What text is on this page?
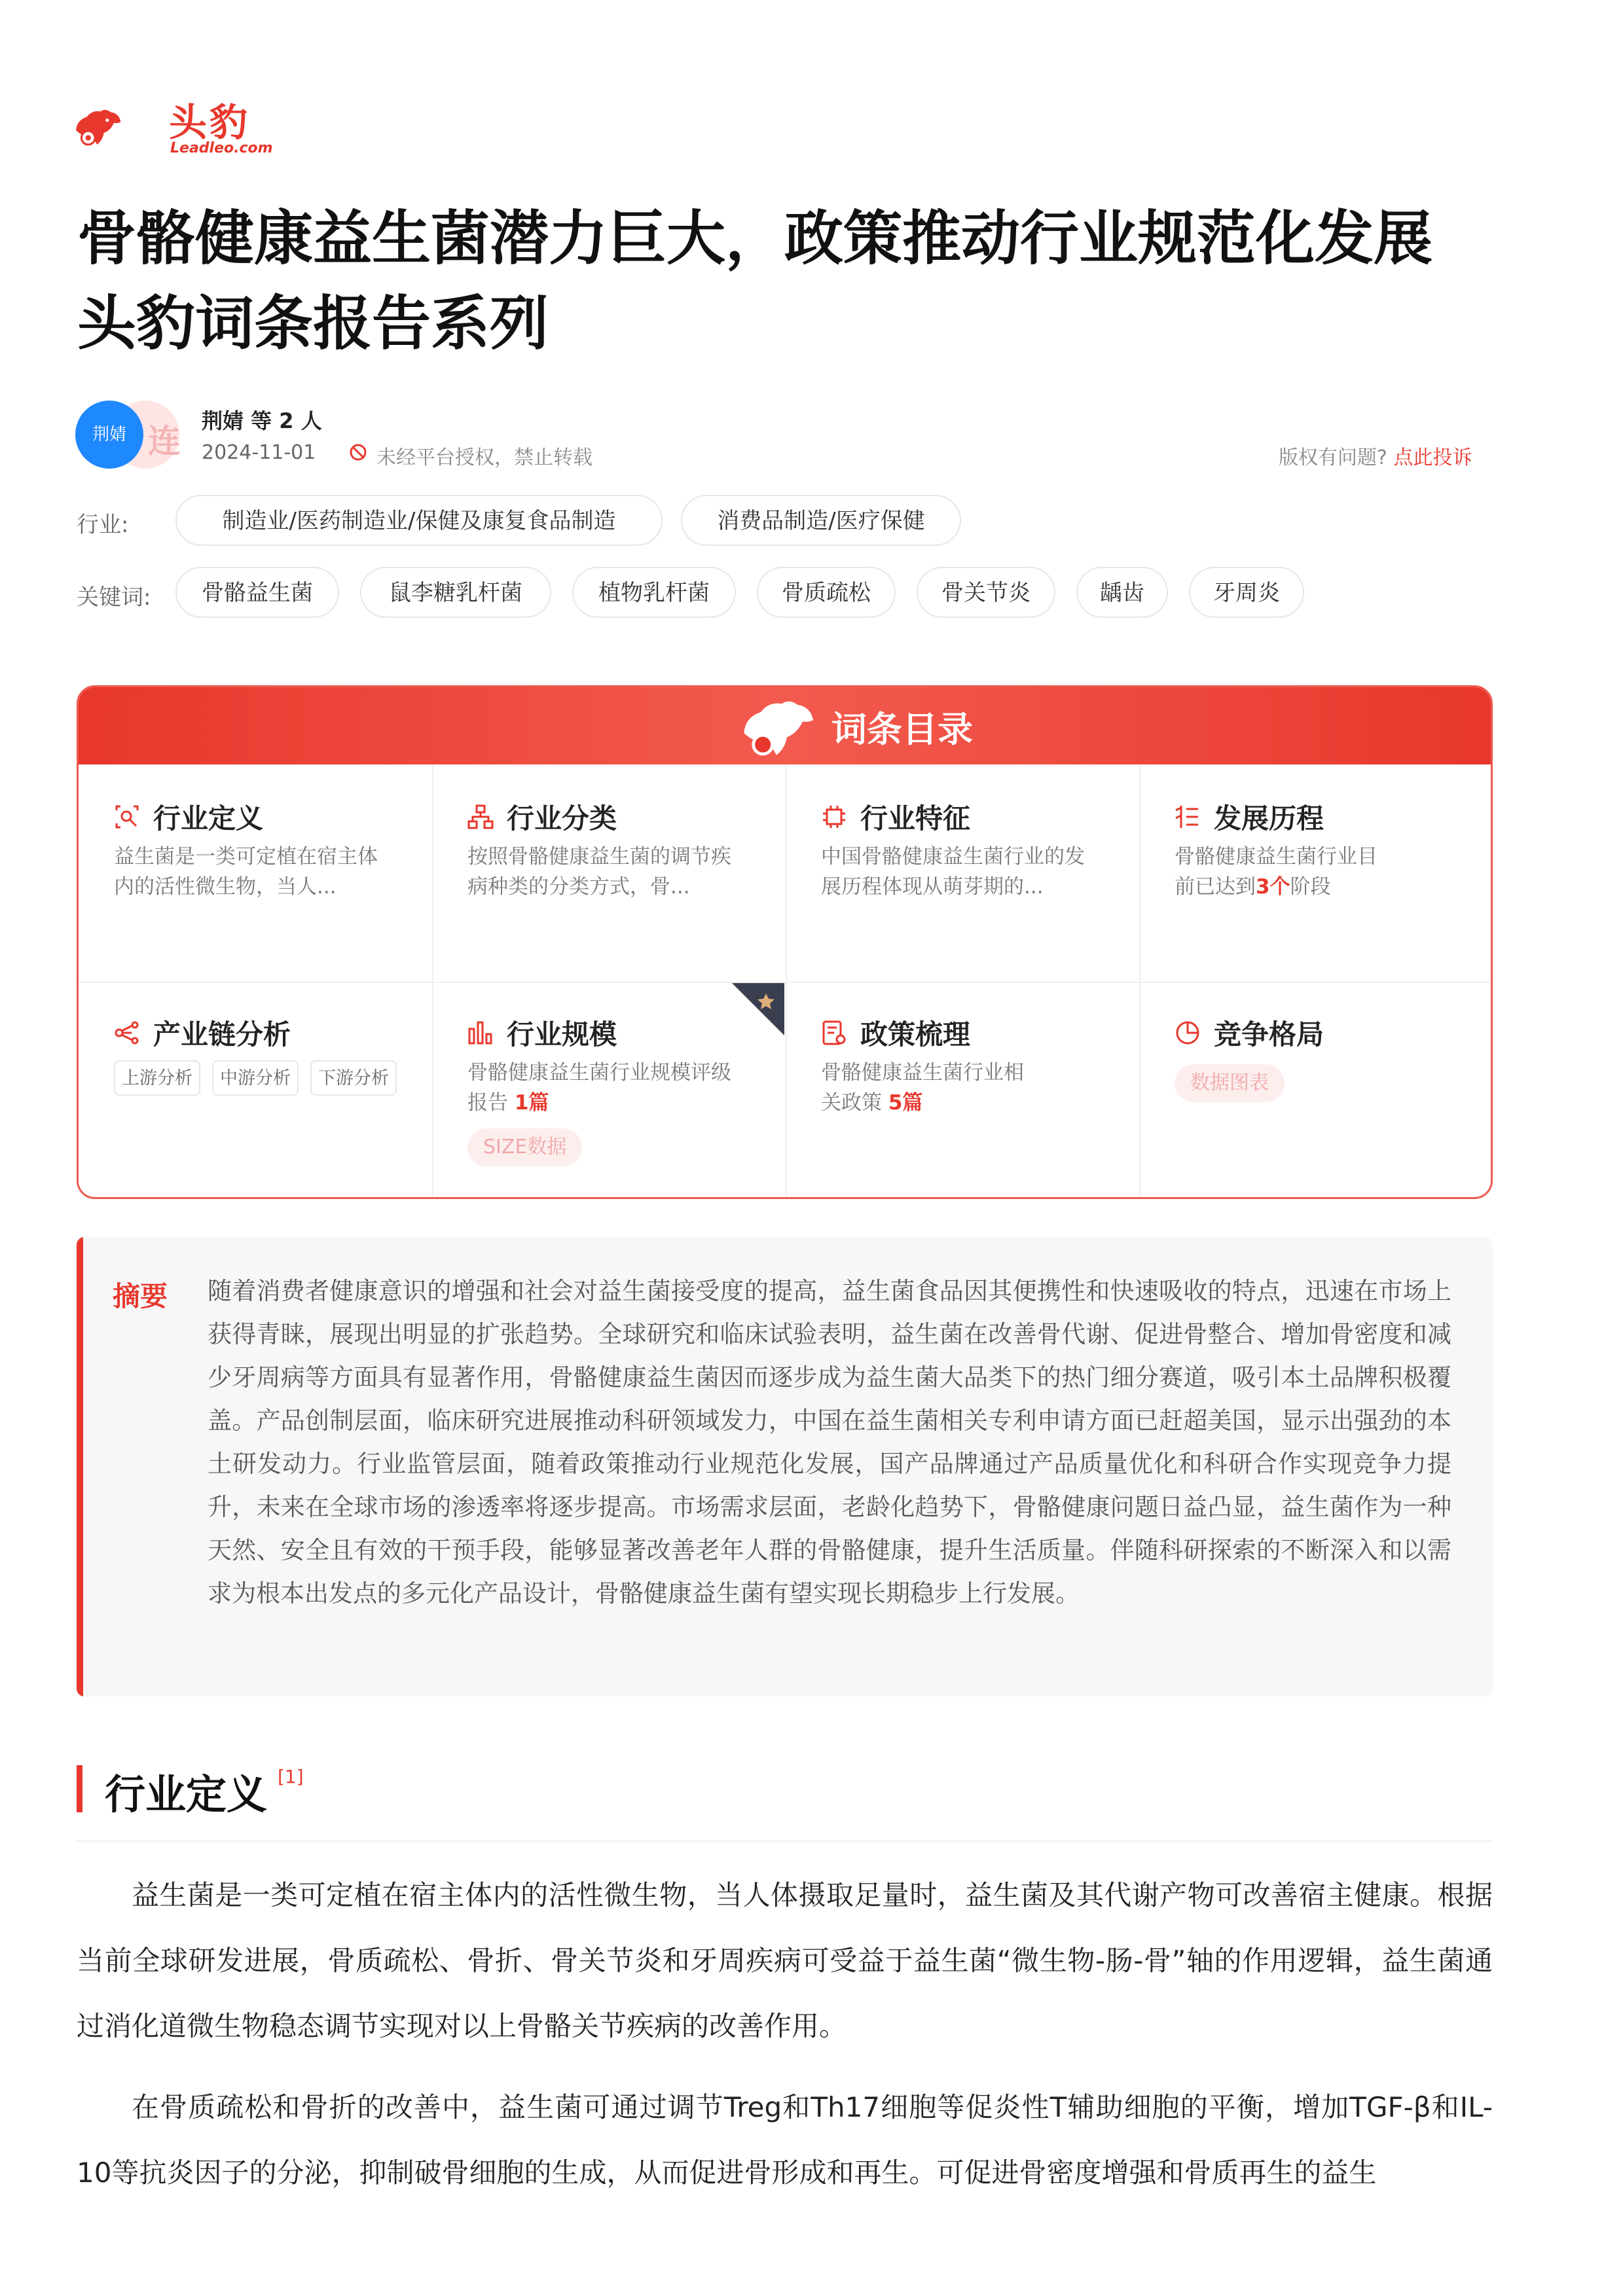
头豹
Leadleo.com
骨骼健康益生菌潜力巨大，政策推动行业规范化发展
头豹词条报告系列
连
荆婧
荆婧 等 2 人
2024-11-01	未经平台授权，禁止转载	版权有问题? 点此投诉
行业:	制造业/医药制造业/保健及康复食品制造	消费品制造/医疗保健
关键词:	骨骼益生菌	鼠李糖乳杆菌	植物乳杆菌	骨质疏松	骨关节炎	龋齿	牙周炎
词条目录
行业定义
益生菌是一类可定植在宿主体内的活性微生物，当人...
行业分类
按照骨骼健康益生菌的调节疾病种类的分类方式，骨...
行业特征
中国骨骼健康益生菌行业的发展历程体现从萌芽期的...
发展历程
骨骼健康益生菌行业目前已达到3个阶段
产业链分析
上游分析	中游分析	下游分析
行业规模
骨骼健康益生菌行业规模评级报告 1篇
SIZE数据
政策梳理
骨骼健康益生菌行业相关政策 5篇
竞争格局
数据图表
摘要 随着消费者健康意识的增强和社会对益生菌接受度的提高，益生菌食品因其便携性和快速吸收的特点，迅速在市场上获得青睐，展现出明显的扩张趋势。全球研究和临床试验表明，益生菌在改善骨代谢、促进骨整合、增加骨密度和减少牙周病等方面具有显著作用，骨骼健康益生菌因而逐步成为益生菌大品类下的热门细分赛道，吸引本土品牌积极覆盖。产品创制层面，临床研究进展推动科研领域发力，中国在益生菌相关专利申请方面已赶超美国，显示出强劲的本土研发动力。行业监管层面，随着政策推动行业规范化发展，国产品牌通过产品质量优化和科研合作实现竞争力提升，未来在全球市场的渗透率将逐步提高。市场需求层面，老龄化趋势下，骨骼健康问题日益凸显，益生菌作为一种天然、安全且有效的干预手段，能够显著改善老年人群的骨骼健康，提升生活质量。伴随科研探索的不断深入和以需求为根本出发点的多元化产品设计，骨骼健康益生菌有望实现长期稳步上行发展。
行业定义 [1]
益生菌是一类可定植在宿主体内的活性微生物，当人体摄取足量时，益生菌及其代谢产物可改善宿主健康。根据当前全球研发进展，骨质疏松、骨折、骨关节炎和牙周疾病可受益于益生菌“微生物-肠-骨”轴的作用逻辑，益生菌通过消化道微生物稳态调节实现对以上骨骼关节疾病的改善作用。
在骨质疏松和骨折的改善中，益生菌可通过调节Treg和Th17细胞等促炎性T辅助细胞的平衡，增加TGF-β和IL-10等抗炎因子的分泌，抑制破骨细胞的生成，从而促进骨形成和再生。可促进骨密度增强和骨质再生的益生
